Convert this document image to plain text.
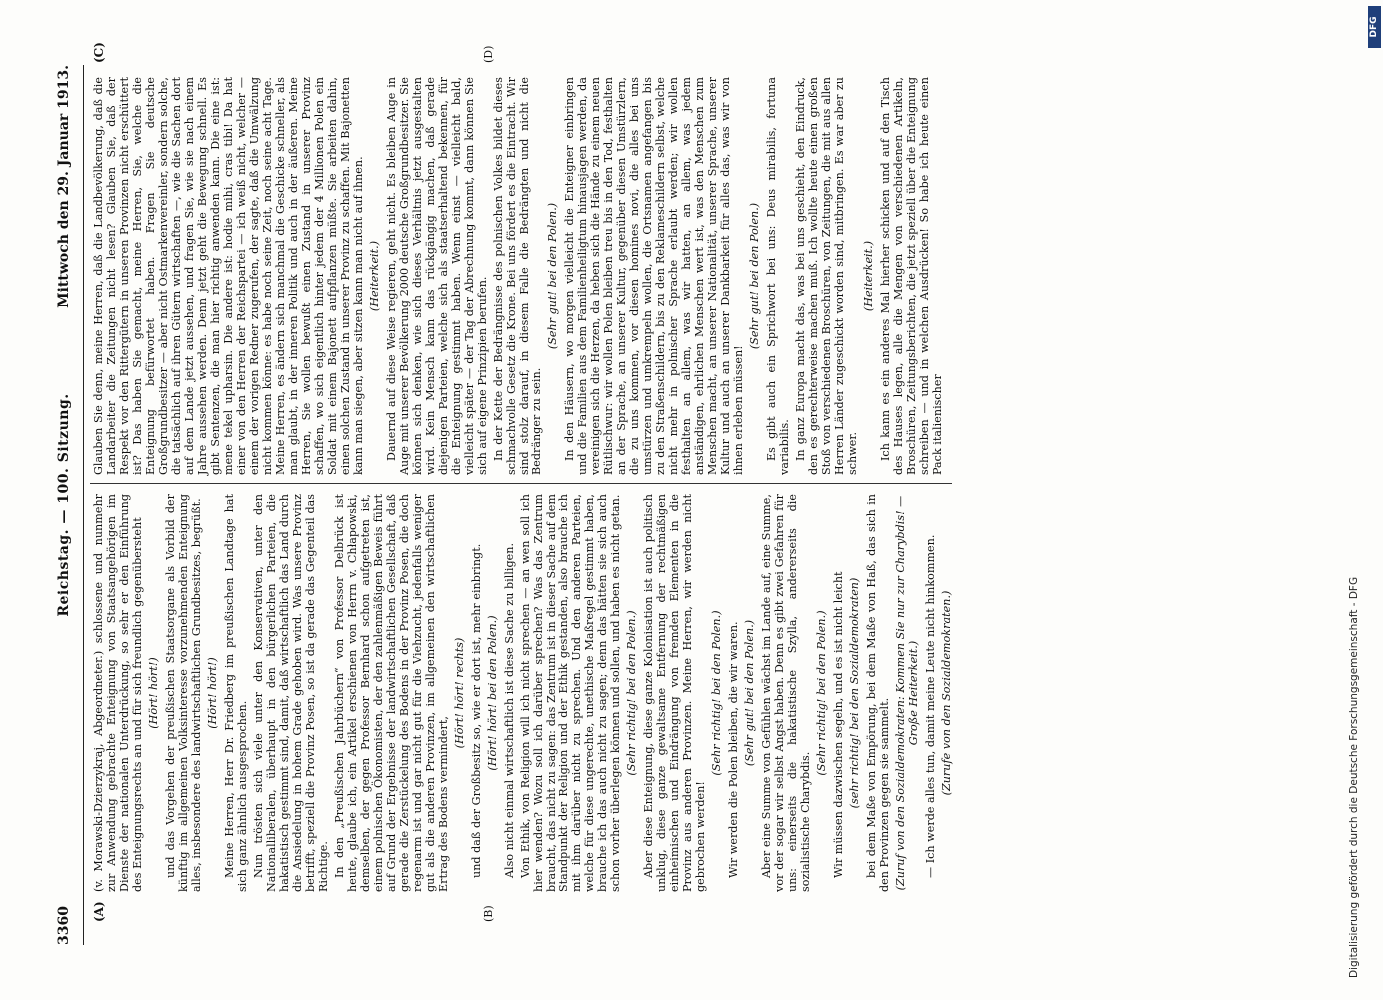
3360
Reichstag. — 100. Sitzung.
Mittwoch den 29. Januar 1913.
(A)	(B)
(C)	(D)

(v. Morawski-Dzierzykraj, Abgeordneter.) schlossene und nunmehr zur Anwendung gebrachte Enteignung von Staatsangehörigen im Dienste der nationalen Unterdrückung, so sehr er den Einführung des Enteignungsrechts an und für sich freundlich gegenübersteht (Hört! hört!) und das Vorgehen der preußischen Staatsorgane als Vorbild der künftig im allgemeinen Volksinteresse vorzunehmenden Enteignung alles, insbesondere des landwirtschaftlichen Grundbesitzes, begrüßt. (Hört! hört!) Meine Herren, Herr Dr. Friedberg im preußischen Landtage hat sich ganz ähnlich ausgesprochen. Nun trösten sich viele unter den Konservativen, unter den Nationalliberalen, überhaupt in den bürgerlichen Parteien, die hakatistisch gestimmt sind, damit, daß wirtschaftlich das Land durch die Ansiedelung in hohem Grade gehoben wird. Was unsere Provinz betrifft, speziell die Provinz Posen, so ist da gerade das Gegenteil das Richtige. In den „Preußischen Jahrbüchern“ von Professor Delbrück ist heute, glaube ich, ein Artikel erschienen von Herrn v. Chłapowski, demselben, der gegen Professor Bernhard schon aufgetreten ist, einem polnischen Ökonomisten, der den zahlenmäßigen Beweis führt auf Grund der Ergebnisse der landwirtschaftlichen Gesellschaft, daß gerade die Zerstückelung des Bodens in der Provinz Posen, die doch regenarm ist und gar nicht gut für die Viehzucht, jedenfalls weniger gut als die anderen Provinzen, im allgemeinen den wirtschaftlichen Ertrag des Bodens vermindert,

(Hört! hört! rechts) und daß der Großbesitz so, wie er dort ist, mehr einbringt. (Hört! hört! bei den Polen.) Also nicht einmal wirtschaftlich ist diese Sache zu billigen. Von Ethik, von Religion will ich nicht sprechen — an wen soll ich hier wenden? Wozu soll ich darüber sprechen? Was das Zentrum braucht, das nicht zu sagen: das Zentrum ist in dieser Sache auf dem Standpunkt der Religion und der Ethik gestanden, also brauche ich mit ihm darüber nicht zu sprechen. Und den anderen Parteien, welche für diese ungerechte, unethische Maßregel gestimmt haben, brauche ich das auch nicht zu sagen; denn das hätten sie sich auch schon vorher überlegen können und sollen, und haben es nicht getan. (Sehr richtig! bei den Polen.) Aber diese Enteignung, diese ganze Kolonisation ist auch politisch unklug, diese ganze gewaltsame Entfernung der rechtmäßigen einheimischen und Eindrängung von fremden Elementen in die Provinz aus anderen Provinzen. Meine Herren, wir werden nicht gebrochen werden!

(Sehr richtig! bei den Polen.) Wir werden die Polen bleiben, die wir waren. (Sehr gut! bei den Polen.) Aber eine Summe von Gefühlen wächst im Lande auf, eine Summe, vor der sogar wir selbst Angst haben. Denn es gibt zwei Gefahren für uns: einerseits die hakatistische Szylla, andererseits die sozialistische Charybdis.

(Sehr richtig! bei den Polen.) Wir müssen dazwischen segeln, und es ist nicht leicht (sehr richtig! bei den Sozialdemokraten) bei dem Maße von Empörung, bei dem Maße von Haß, das sich in den Provinzen gegen sie sammelt. (Zuruf von den Sozialdemokraten: Kommen Sie nur zur Charybdis! — Große Heiterkeit.) — Ich werde alles tun, damit meine Leute nicht hinkommen. (Zurufe von den Sozialdemokraten.)

Glauben Sie denn, meine Herren, daß die Landbevölkerung, daß die Landarbeiter die Zeitungen nicht lesen? Glauben Sie, daß der Respekt vor den Rittergütern in unseren Provinzen nicht erschüttert ist? Das haben Sie gemacht, meine Herren, Sie, welche die Enteignung befürwortet haben. Fragen Sie deutsche Großgrundbesitzer — aber nicht Ostmarkenvereinler, sondern solche, die tatsächlich auf ihren Gütern wirtschaften —, wie die Sachen dort auf dem Lande jetzt aussehen, und fragen Sie, wie sie nach einem Jahre aussehen werden. Denn jetzt geht die Bewegung schnell. Es gibt Sentenzen, die man hier richtig anwenden kann. Die eine ist: mene tekel upharsin. Die andere ist: hodie mihi, cras tibi! Da hat einer von den Herren der Reichspartei — ich weiß nicht, welcher — einem der vorigen Redner zugerufen, der sagte, daß die Umwälzung nicht kommen könne: es habe noch seine Zeit, noch seine acht Tage. Meine Herren, es ändern sich manchmal die Geschicke schneller, als man glaubt, in der inneren Politik und auch in der äußeren. Meine Herren, Sie wollen bewußt einen Zustand in unserer Provinz schaffen, wo sich eigentlich hinter jedem der 4 Millionen Polen ein Soldat mit einem Bajonett aufpflanzen müßte. Sie arbeiten dahin, einen solchen Zustand in unserer Provinz zu schaffen. Mit Bajonetten kann man siegen, aber sitzen kann man nicht auf ihnen. (Heiterkeit.) Dauernd auf diese Weise regieren, geht nicht. Es bleiben Auge in Auge mit unserer Bevölkerung 2000 deutsche Großgrundbesitzer. Sie können sich denken, wie sich dieses Verhältnis jetzt ausgestalten wird. Kein Mensch kann das rückgängig machen, daß gerade diejenigen Parteien, welche sich als staatserhaltend bekennen, für die Enteignung gestimmt haben. Wenn einst — vielleicht bald, vielleicht später — der Tag der Abrechnung kommt, dann können Sie sich auf eigene Prinzipien berufen. In der Kette der Bedrängnisse des polnischen Volkes bildet dieses schmachvolle Gesetz die Krone. Bei uns fördert es die Eintracht. Wir sind stolz darauf, in diesem Falle die Bedrängten und nicht die Bedränger zu sein.

(Sehr gut! bei den Polen.) In den Häusern, wo morgen vielleicht die Enteigner einbringen und die Familien aus dem Familienheiligtum hinausjagen werden, da vereinigen sich die Herzen, da heben sich die Hände zu einem neuen Rütlischwur: wir wollen Polen bleiben treu bis in den Tod, festhalten an der Sprache, an unserer Kultur, gegenüber diesen Umstürzlern, die zu uns kommen, vor diesen homines novi, die alles bei uns umstürzen und umkrempeln wollen, die Ortsnamen angefangen bis zu den Straßenschildern, bis zu den Reklameschildern selbst, welche nicht mehr in polnischer Sprache erlaubt werden; wir wollen festhalten an allem, was wir hatten, an allem, was jedem anständigen, ehrlichen Menschen wert ist, was den Menschen zum Menschen macht, an unserer Nationalität, unserer Sprache, unserer Kultur und auch an unserer Dankbarkeit für alles das, was wir von ihnen erleben müssen!

(Sehr gut! bei den Polen.) Es gibt auch ein Sprichwort bei uns: Deus mirabilis, fortuna variabilis. In ganz Europa macht das, was bei uns geschieht, den Eindruck, den es gerechterweise machen muß. Ich wollte heute einen großen Stoß von verschiedenen Broschüren, von Zeitungen, die mit aus allen Herren Länder zugeschickt worden sind, mitbringen. Es war aber zu schwer.

(Heiterkeit.) Ich kann es ein anderes Mal hierher schicken und auf den Tisch des Hauses legen, alle die Mengen von verschiedenen Artikeln, Broschüren, Zeitungsberichten, die jetzt speziell über die Enteignung schreiben — und in welchen Ausdrücken! So habe ich heute einen Pack italienischer

Digitalisierung gefördert durch die Deutsche Forschungsgemeinschaft - DFG
DFG
